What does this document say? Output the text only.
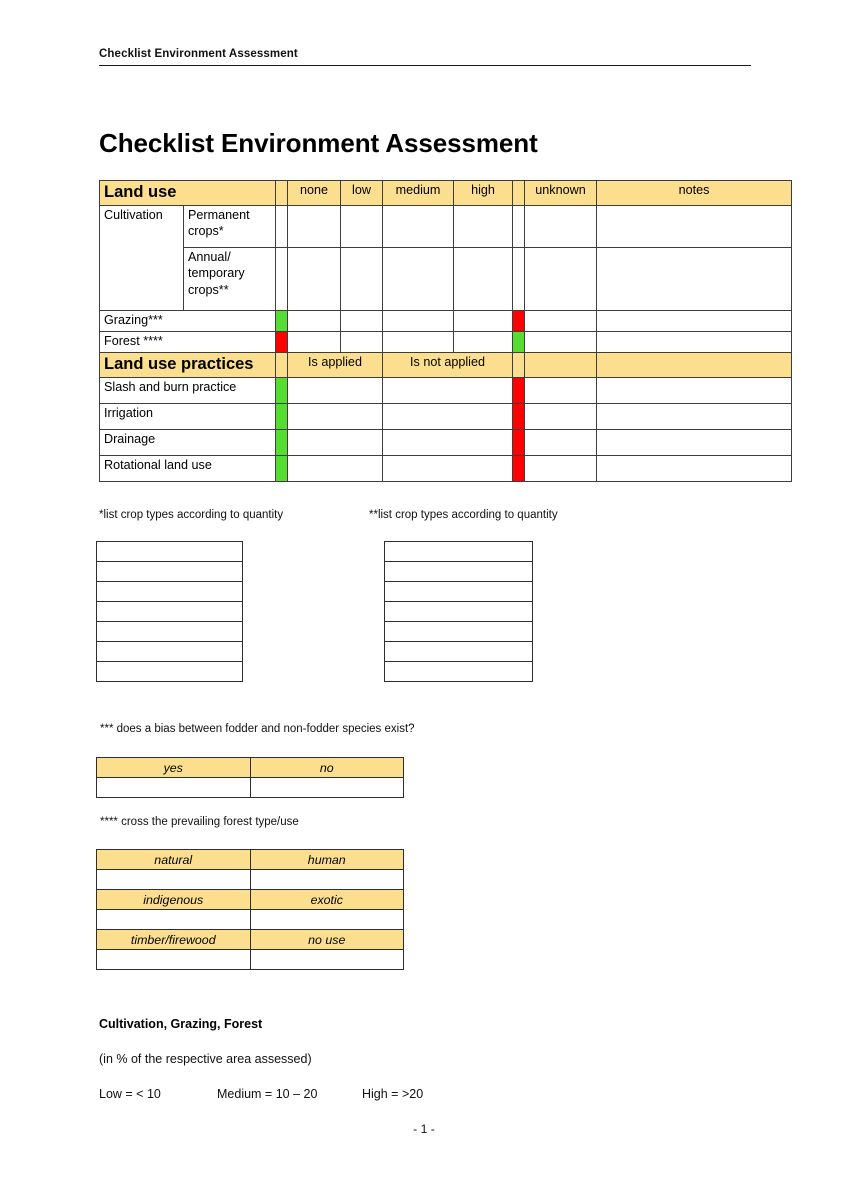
Checklist Environment Assessment
Checklist Environment Assessment
Land use			none	low	medium	high		unknown	notes
Cultivation	Permanent crops*								
	Annual/ temporary crops**								
Grazing***									
Forest ****									
Land use practices			Is applied		Is not applied				
Slash and burn practice									
Irrigation									
Drainage									
Rotational land use									
*list crop types according to quantity	**list crop types according to quantity

*** does a bias between fodder and non-fodder species exist?
yes	no

**** cross the prevailing forest type/use
natural	human

indigenous	exotic

timber/firewood	no use

Cultivation, Grazing, Forest
(in % of the respective area assessed)
Low = < 10	Medium = 10 – 20	High = >20
- 1 -
